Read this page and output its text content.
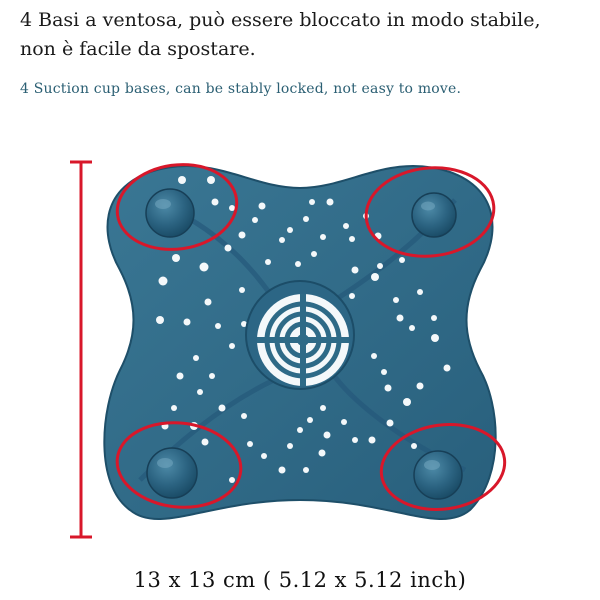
4 Basi a ventosa, può essere bloccato in modo stabile,
non è facile da spostare.

4 Suction cup bases, can be stably locked, not easy to move.

13 x 13 cm ( 5.12 x 5.12 inch)
